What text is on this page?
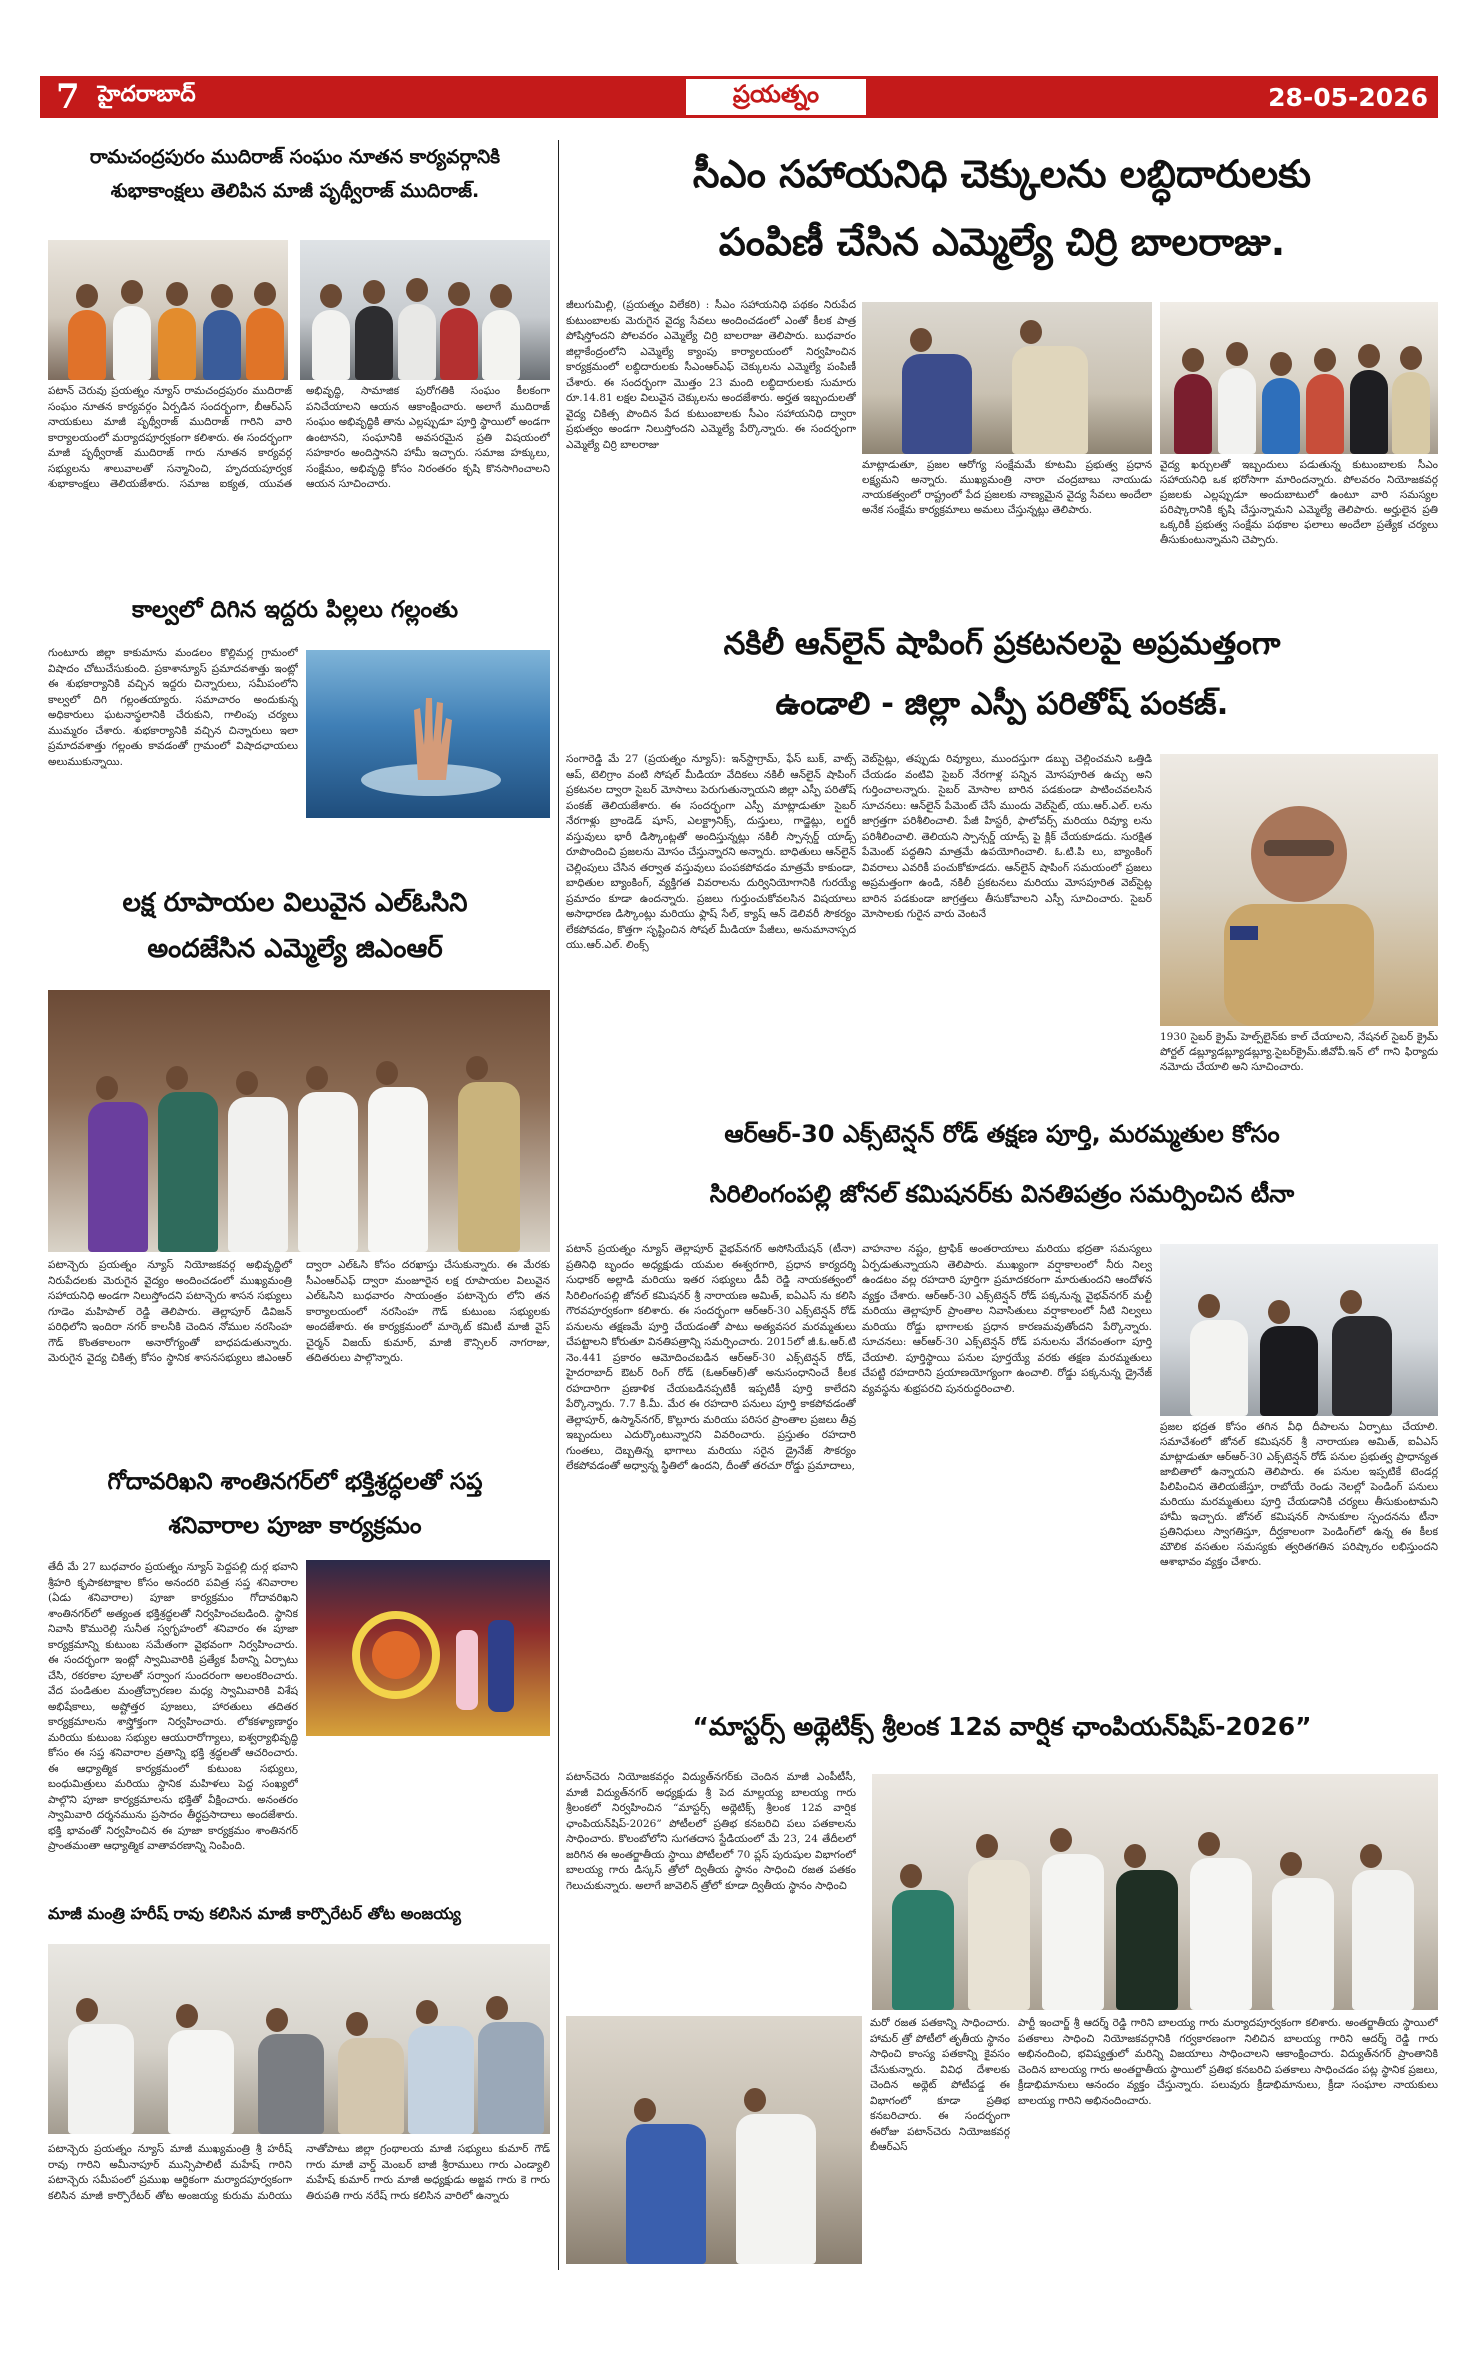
7 హైదరాబాద్	ప్రయత్నం	28-05-2026
రామచంద్రపురం ముదిరాజ్ సంఘం నూతన కార్యవర్గానికి
శుభాకాంక్షలు తెలిపిన మాజీ పృథ్వీరాజ్ ముదిరాజ్.
పటాన్ చెరువు ప్రయత్నం న్యూస్ రామచంద్రపురం ముదిరాజ్ సంఘం నూతన కార్యవర్గం ఏర్పడిన సందర్భంగా, బీఆర్ఎస్ నాయకులు మాజీ పృథ్వీరాజ్ ముదిరాజ్ గారిని వారి కార్యాలయంలో మర్యాదపూర్వకంగా కలిశారు. ఈ సందర్భంగా మాజీ పృథ్వీరాజ్ ముదిరాజ్ గారు నూతన కార్యవర్గ సభ్యులను శాలువాలతో సన్మానించి, హృదయపూర్వక శుభాకాంక్షలు తెలియజేశారు. సమాజ ఐక్యత, యువత అభివృద్ధి, సామాజిక పురోగతికి సంఘం కీలకంగా పనిచేయాలని ఆయన ఆకాంక్షించారు. అలాగే ముదిరాజ్ సంఘం అభివృద్ధికి తాను ఎల్లప్పుడూ పూర్తి స్థాయిలో అండగా ఉంటానని, సంఘానికి అవసరమైన ప్రతి విషయంలో సహకారం అందిస్తానని హామీ ఇచ్చారు. సమాజ హక్కులు, సంక్షేమం, అభివృద్ధి కోసం నిరంతరం కృషి కొనసాగించాలని ఆయన సూచించారు.
కాల్వలో దిగిన ఇద్దరు పిల్లలు గల్లంతు
గుంటూరు జిల్లా కాకుమాను మండలం కొల్లిమర్ల గ్రామంలో విషాదం చోటుచేసుకుంది. ప్రకాశాన్యూస్ ప్రమాదవశాత్తు ఇంట్లో ఈ శుభకార్యానికి వచ్చిన ఇద్దరు చిన్నారులు, సమీపంలోని కాల్వలో దిగి గల్లంతయ్యారు. సమాచారం అందుకున్న అధికారులు ఘటనాస్థలానికి చేరుకుని, గాలింపు చర్యలు ముమ్మరం చేశారు. శుభకార్యానికి వచ్చిన చిన్నారులు ఇలా ప్రమాదవశాత్తు గల్లంతు కావడంతో గ్రామంలో విషాదఛాయలు అలుముకున్నాయి.
లక్ష రూపాయల విలువైన ఎల్ఓసిని
అందజేసిన ఎమ్మెల్యే జిఎంఆర్
పటాన్చెరు ప్రయత్నం న్యూస్ నియోజకవర్గ అభివృద్ధిలో నిరుపేదలకు మెరుగైన వైద్యం అందించడంలో ముఖ్యమంత్రి సహాయనిధి అండగా నిలుస్తోందని పటాన్చెరు శాసన సభ్యులు గూడెం మహిపాల్ రెడ్డి తెలిపారు. తెల్లాపూర్ డివిజన్ పరిధిలోని ఇందిరా నగర్ కాలనీకి చెందిన నోముల నరసింహ గౌడ్ కొంతకాలంగా అనారోగ్యంతో బాధపడుతున్నారు. మెరుగైన వైద్య చికిత్స కోసం స్థానిక శాసనసభ్యులు జిఎంఆర్ ద్వారా ఎల్ఓసి కోసం దరఖాస్తు చేసుకున్నారు. ఈ మేరకు సీఎంఆర్ఎఫ్ ద్వారా మంజూరైన లక్ష రూపాయల విలువైన ఎల్ఓసిని బుధవారం సాయంత్రం పటాన్చెరు లోని తన కార్యాలయంలో నరసింహ గౌడ్ కుటుంబ సభ్యులకు అందజేశారు. ఈ కార్యక్రమంలో మార్కెట్ కమిటీ మాజీ వైస్ చైర్మన్ విజయ్ కుమార్, మాజీ కౌన్సిలర్ నాగరాజు, తదితరులు పాల్గొన్నారు.
గోదావరిఖని శాంతినగర్‌లో భక్తిశ్రద్ధలతో సప్త
శనివారాల పూజా కార్యక్రమం
తేదీ మే 27 బుధవారం ప్రయత్నం న్యూస్ పెద్దపల్లి దుర్గ భవాని శ్రీహరి కృపాకటాక్షాల కోసం అనందరి పవిత్ర సప్త శనివారాల (ఏడు శనివారాల) పూజా కార్యక్రమం గోదావరిఖని శాంతినగర్‌లో అత్యంత భక్తిశ్రద్ధలతో నిర్వహించబడింది. స్థానిక నివాసి కొమురెల్లి సునీత స్వగృహంలో శనివారం ఈ పూజా కార్యక్రమాన్ని కుటుంబ సమేతంగా వైభవంగా నిర్వహించారు. ఈ సందర్భంగా ఇంట్లో స్వామివారికి ప్రత్యేక పీఠాన్ని ఏర్పాటు చేసి, రకరకాల పూలతో సర్వాంగ సుందరంగా అలంకరించారు. వేద పండితుల మంత్రోచ్చారణల మధ్య స్వామివారికి విశేష అభిషేకాలు, అష్టోత్తర పూజలు, హారతులు తదితర కార్యక్రమాలను శాస్త్రోక్తంగా నిర్వహించారు. లోకకళ్యాణార్థం మరియు కుటుంబ సభ్యుల ఆయురారోగ్యాలు, ఐశ్వర్యాభివృద్ధి కోసం ఈ సప్త శనివారాల వ్రతాన్ని భక్తి శ్రద్ధలతో ఆచరించారు. ఈ ఆధ్యాత్మిక కార్యక్రమంలో కుటుంబ సభ్యులు, బంధుమిత్రులు మరియు స్థానిక మహిళలు పెద్ద సంఖ్యలో పాల్గొని పూజా కార్యక్రమాలను భక్తితో వీక్షించారు. అనంతరం స్వామివారి దర్శనమును ప్రసాదం తీర్థప్రసాదాలు అందజేశారు. భక్తి భావంతో నిర్వహించిన ఈ పూజా కార్యక్రమం శాంతినగర్ ప్రాంతమంతా ఆధ్యాత్మిక వాతావరణాన్ని నింపింది.
మాజీ మంత్రి హరీష్ రావు కలిసిన మాజీ కార్పొరేటర్ తోట అంజయ్య
పటాన్చెరు ప్రయత్నం న్యూస్ మాజీ ముఖ్యమంత్రి శ్రీ హరీష్ రావు గారిని అమీనాపూర్ మున్సిపాలిటీ మహేష్ గారిని పటాన్చెరు సమీపంలో ప్రముఖ ఆర్థికంగా మర్యాదపూర్వకంగా కలిసిన మాజీ కార్పొరేటర్ తోట అంజయ్య కురుమ మరియు నాతోపాటు జిల్లా గ్రంథాలయ మాజీ సభ్యులు కుమార్ గౌడ్ గారు మాజీ వార్డ్ మెంబర్ బాజీ శ్రీరాములు గారు ఎండ్యాలి మహేష్ కుమార్ గారు మాజీ అధ్యక్షుడు అజ్జవ గారు కె గారు తిరుపతి గారు నరేష్ గారు కలిసిన వారిలో ఉన్నారు
సీఎం సహాయనిధి చెక్కులను లబ్ధిదారులకు
పంపిణీ చేసిన ఎమ్మెల్యే చిర్రి బాలరాజు.
జీలుగుమిల్లి, (ప్రయత్నం విలేకరి) : సీఎం సహాయనిధి పథకం నిరుపేద కుటుంబాలకు మెరుగైన వైద్య సేవలు అందించడంలో ఎంతో కీలక పాత్ర పోషిస్తోందని పోలవరం ఎమ్మెల్యే చిర్రి బాలరాజు తెలిపారు. బుధవారం జిల్లాకేంద్రంలోని ఎమ్మెల్యే క్యాంపు కార్యాలయంలో నిర్వహించిన కార్యక్రమంలో లబ్ధిదారులకు సీఎంఆర్ఎఫ్ చెక్కులను ఎమ్మెల్యే పంపిణీ చేశారు. ఈ సందర్భంగా మొత్తం 23 మంది లబ్ధిదారులకు సుమారు రూ.14.81 లక్షల విలువైన చెక్కులను అందజేశారు. అర్హత ఇబ్బందులతో వైద్య చికిత్స పొందిన పేద కుటుంబాలకు సీఎం సహాయనిధి ద్వారా ప్రభుత్వం అండగా నిలుస్తోందని ఎమ్మెల్యే పేర్కొన్నారు. ఈ సందర్భంగా ఎమ్మెల్యే చిర్రి బాలరాజు
మాట్లాడుతూ, ప్రజల ఆరోగ్య సంక్షేమమే కూటమి ప్రభుత్వ ప్రధాన లక్ష్యమని అన్నారు. ముఖ్యమంత్రి నారా చంద్రబాబు నాయుడు నాయకత్వంలో రాష్ట్రంలో పేద ప్రజలకు నాణ్యమైన వైద్య సేవలు అందేలా అనేక సంక్షేమ కార్యక్రమాలు అమలు చేస్తున్నట్లు తెలిపారు.
వైద్య ఖర్చులతో ఇబ్బందులు పడుతున్న కుటుంబాలకు సీఎం సహాయనిధి ఒక భరోసాగా మారిందన్నారు. పోలవరం నియోజకవర్గ ప్రజలకు ఎల్లప్పుడూ అందుబాటులో ఉంటూ వారి సమస్యల పరిష్కారానికి కృషి చేస్తున్నామని ఎమ్మెల్యే తెలిపారు. అర్హులైన ప్రతి ఒక్కరికీ ప్రభుత్వ సంక్షేమ పథకాల ఫలాలు అందేలా ప్రత్యేక చర్యలు తీసుకుంటున్నామని చెప్పారు.
నకిలీ ఆన్‌లైన్ షాపింగ్ ప్రకటనలపై అప్రమత్తంగా
ఉండాలి - జిల్లా ఎస్పీ పరితోష్ పంకజ్.
సంగారెడ్డి మే 27 (ప్రయత్నం న్యూస్): ఇన్‌స్టాగ్రామ్, ఫేస్ బుక్, వాట్స్ ఆప్, టెలిగ్రాం వంటి సోషల్ మీడియా వేదికలు నకిలీ ఆన్‌లైన్ షాపింగ్ ప్రకటనల ద్వారా సైబర్ మోసాలు పెరుగుతున్నాయని జిల్లా ఎస్పీ పరితోష్ పంకజ్ తెలియజేశారు. ఈ సందర్భంగా ఎస్పీ మాట్లాడుతూ సైబర్ నేరగాళ్లు బ్రాండెడ్ షూస్, ఎలక్ట్రానిక్స్, దుస్తులు, గాడ్జెట్లు, లగ్జరీ వస్తువులు భారీ డిస్కౌంట్లతో అందిస్తున్నట్లు నకిలీ స్పాన్సర్డ్ యాడ్స్ రూపొందించి ప్రజలను మోసం చేస్తున్నారని అన్నారు. బాధితులు ఆన్‌లైన్ చెల్లింపులు చేసిన తర్వాత వస్తువులు పంపకపోవడం మాత్రమే కాకుండా, బాధితుల బ్యాంకింగ్, వ్యక్తిగత వివరాలను దుర్వినియోగానికి గురయ్యే ప్రమాదం కూడా ఉందన్నారు. ప్రజలు గుర్తుంచుకోవలసిన విషయాలు అసాధారణ డిస్కౌంట్లు మరియు ఫ్లాష్ సేల్, క్యాష్ ఆన్ డెలివరీ సౌకర్యం లేకపోవడం, కొత్తగా సృష్టించిన సోషల్ మీడియా పేజీలు, అనుమానాస్పద యు.ఆర్.ఎల్. లింక్స్
వెబ్‌సైట్లు, తప్పుడు రివ్యూలు, ముందస్తుగా డబ్బు చెల్లించమని ఒత్తిడి చేయడం వంటివి సైబర్ నేరగాళ్ల పన్నిన మోసపూరిత ఉచ్చు అని గుర్తించాలన్నారు. సైబర్ మోసాల బారిన పడకుండా పాటించవలసిన సూచనలు: ఆన్‌లైన్ పేమెంట్ చేసే ముందు వెబ్‌సైట్, యు.ఆర్.ఎల్. లను జాగ్రత్తగా పరిశీలించాలి. పేజీ హిస్టరీ, ఫాలోవర్స్ మరియు రివ్యూ లను పరిశీలించాలి. తెలియని స్పాన్సర్డ్ యాడ్స్ పై క్లిక్ చేయకూడదు. సురక్షిత పేమెంట్ పద్ధతిని మాత్రమే ఉపయోగించాలి. ఓ.టి.పి లు, బ్యాంకింగ్ వివరాలు ఎవరికీ పంచుకోకూడదు. ఆన్‌లైన్ షాపింగ్ సమయంలో ప్రజలు అప్రమత్తంగా ఉండి, నకిలీ ప్రకటనలు మరియు మోసపూరిత వెబ్‌సైట్ల బారిన పడకుండా జాగ్రత్తలు తీసుకోవాలని ఎస్పీ సూచించారు. సైబర్ మోసాలకు గురైన వారు వెంటనే
1930 సైబర్ క్రైమ్ హెల్ప్‌లైన్‌కు కాల్ చేయాలని, నేషనల్ సైబర్ క్రైమ్ పోర్టల్ డబ్ల్యూడబ్ల్యూడబ్ల్యూ.సైబర్‌క్రైమ్.జీవోవీ.ఇన్ లో గాని ఫిర్యాదు నమోదు చేయాలి అని సూచించారు.
ఆర్ఆర్-30 ఎక్స్‌టెన్షన్ రోడ్ తక్షణ పూర్తి, మరమ్మతుల కోసం
సిరిలింగంపల్లి జోనల్ కమిషనర్‌కు వినతిపత్రం సమర్పించిన టీనా
పటాన్ ప్రయత్నం న్యూస్ తెల్లాపూర్ వైభవ్‌నగర్ అసోసియేషన్ (టీనా) ప్రతినిధి బృందం అధ్యక్షుడు యమల ఈశ్వరగారి, ప్రధాన కార్యదర్శి సుధాకర్ అల్లాడి మరియు ఇతర సభ్యులు డీవీ రెడ్డి నాయకత్వంలో సిరిలింగంపల్లి జోనల్ కమిషనర్ శ్రీ నారాయణ అమిత్, ఐఏఎస్ ను కలిసి గౌరవపూర్వకంగా కలిశారు. ఈ సందర్భంగా ఆర్ఆర్-30 ఎక్స్‌టెన్షన్ రోడ్ పనులను తక్షణమే పూర్తి చేయడంతో పాటు అత్యవసర మరమ్మతులు చేపట్టాలని కోరుతూ వినతిపత్రాన్ని సమర్పించారు. 2015లో జీ.ఓ.ఆర్.టి నెం.441 ప్రకారం ఆమోదించబడిన ఆర్ఆర్-30 ఎక్స్‌టెన్షన్ రోడ్, హైదరాబాద్ ఔటర్ రింగ్ రోడ్ (ఓఆర్ఆర్)తో అనుసంధానించే కీలక రహదారిగా ప్రణాళిక చేయబడినప్పటికీ ఇప్పటికీ పూర్తి కాలేదని పేర్కొన్నారు. 7.7 కి.మీ. మేర ఈ రహదారి పనులు పూర్తి కాకపోవడంతో తెల్లాపూర్, ఉస్మాన్‌నగర్, కొల్లూరు మరియు పరిసర ప్రాంతాల ప్రజలు తీవ్ర ఇబ్బందులు ఎదుర్కొంటున్నారని వివరించారు. ప్రస్తుతం రహదారి గుంతలు, దెబ్బతిన్న భాగాలు మరియు సరైన డ్రైనేజ్ సౌకర్యం లేకపోవడంతో అధ్వాన్న స్థితిలో ఉందని, దీంతో తరచూ రోడ్డు ప్రమాదాలు,
వాహనాల నష్టం, ట్రాఫిక్ అంతరాయాలు మరియు భద్రతా సమస్యలు ఏర్పడుతున్నాయని తెలిపారు. ముఖ్యంగా వర్షాకాలంలో నీరు నిల్వ ఉండటం వల్ల రహదారి పూర్తిగా ప్రమాదకరంగా మారుతుందని ఆందోళన వ్యక్తం చేశారు. ఆర్ఆర్-30 ఎక్స్‌టెన్షన్ రోడ్ పక్కనున్న వైభవ్‌నగర్ మల్టీ మరియు తెల్లాపూర్ ప్రాంతాల నివాసితులు వర్షాకాలంలో నీటి నిల్వలు మరియు రోడ్డు భాగాలకు ప్రధాన కారణమవుతోందని పేర్కొన్నారు. సూచనలు: ఆర్ఆర్-30 ఎక్స్‌టెన్షన్ రోడ్ పనులను వేగవంతంగా పూర్తి చేయాలి. పూర్తిస్థాయి పనుల పూర్తయ్యే వరకు తక్షణ మరమ్మతులు చేపట్టి రహదారిని ప్రయాణయోగ్యంగా ఉంచాలి. రోడ్డు పక్కనున్న డ్రైనేజ్ వ్యవస్థను శుభ్రపరచి పునరుద్ధరించాలి.
ప్రజల భద్రత కోసం తగిన వీధి దీపాలను ఏర్పాటు చేయాలి. సమావేశంలో జోనల్ కమిషనర్ శ్రీ నారాయణ అమిత్, ఐఏఎస్ మాట్లాడుతూ ఆర్ఆర్-30 ఎక్స్‌టెన్షన్ రోడ్ పనుల ప్రభుత్వ ప్రాధాన్యత జాబితాలో ఉన్నాయని తెలిపారు. ఈ పనుల ఇప్పటికే టెండర్ల పిలిపించిన తెలియజేస్తూ, రాబోయే రెండు నెలల్లో పెండింగ్ పనులు మరియు మరమ్మతులు పూర్తి చేయడానికి చర్యలు తీసుకుంటామని హామీ ఇచ్చారు. జోనల్ కమిషనర్ సానుకూల స్పందనను టీనా ప్రతినిధులు స్వాగతిస్తూ, దీర్ఘకాలంగా పెండింగ్‌లో ఉన్న ఈ కీలక మౌలిక వసతుల సమస్యకు త్వరితగతిన పరిష్కారం లభిస్తుందని ఆశాభావం వ్యక్తం చేశారు.
“మాస్టర్స్ అథ్లెటిక్స్ శ్రీలంక 12వ వార్షిక ఛాంపియన్‌షిప్-2026”
పటాన్‌చెరు నియోజకవర్గం విద్యుత్‌నగర్‌కు చెందిన మాజీ ఎంపీటీసీ, మాజీ విద్యుత్‌నగర్ అధ్యక్షుడు శ్రీ పెద మాల్లయ్య బాలయ్య గారు శ్రీలంకలో నిర్వహించిన “మాస్టర్స్ అథ్లెటిక్స్ శ్రీలంక 12వ వార్షిక ఛాంపియన్‌షిప్-2026” పోటీలలో ప్రతిభ కనబరిచి పలు పతకాలను సాధించారు. కొలంబోలోని సుగతదాస స్టేడియంలో మే 23, 24 తేదీలలో జరిగిన ఈ అంతర్జాతీయ స్థాయి పోటీలలో 70 ప్లస్ పురుషుల విభాగంలో బాలయ్య గారు డిస్కస్ త్రోలో ద్వితీయ స్థానం సాధించి రజత పతకం గెలుచుకున్నారు. అలాగే జావెలిన్ త్రోలో కూడా ద్వితీయ స్థానం సాధించి
మరో రజత పతకాన్ని సాధించారు. హామర్ త్రో పోటీలో తృతీయ స్థానం సాధించి కాంస్య పతకాన్ని కైవసం చేసుకున్నారు. వివిధ దేశాలకు చెందిన అథ్లెట్ పోటీపడ్డ ఈ విభాగంలో కూడా ప్రతిభ కనబరిచారు. ఈ సందర్భంగా ఈరోజు పటాన్‌చెరు నియోజకవర్గ బీఆర్ఎస్
పార్టీ ఇంచార్జ్ శ్రీ ఆదర్శ్ రెడ్డి గారిని బాలయ్య గారు మర్యాదపూర్వకంగా కలిశారు. అంతర్జాతీయ స్థాయిలో పతకాలు సాధించి నియోజకవర్గానికి గర్వకారణంగా నిలిచిన బాలయ్య గారిని ఆదర్శ్ రెడ్డి గారు అభినందించి, భవిష్యత్తులో మరిన్ని విజయాలు సాధించాలని ఆకాంక్షించారు. విద్యుత్‌నగర్ ప్రాంతానికి చెందిన బాలయ్య గారు అంతర్జాతీయ స్థాయిలో ప్రతిభ కనబరిచి పతకాలు సాధించడం పట్ల స్థానిక ప్రజలు, క్రీడాభిమానులు ఆనందం వ్యక్తం చేస్తున్నారు. పలువురు క్రీడాభిమానులు, క్రీడా సంఘాల నాయకులు బాలయ్య గారిని అభినందించారు.
